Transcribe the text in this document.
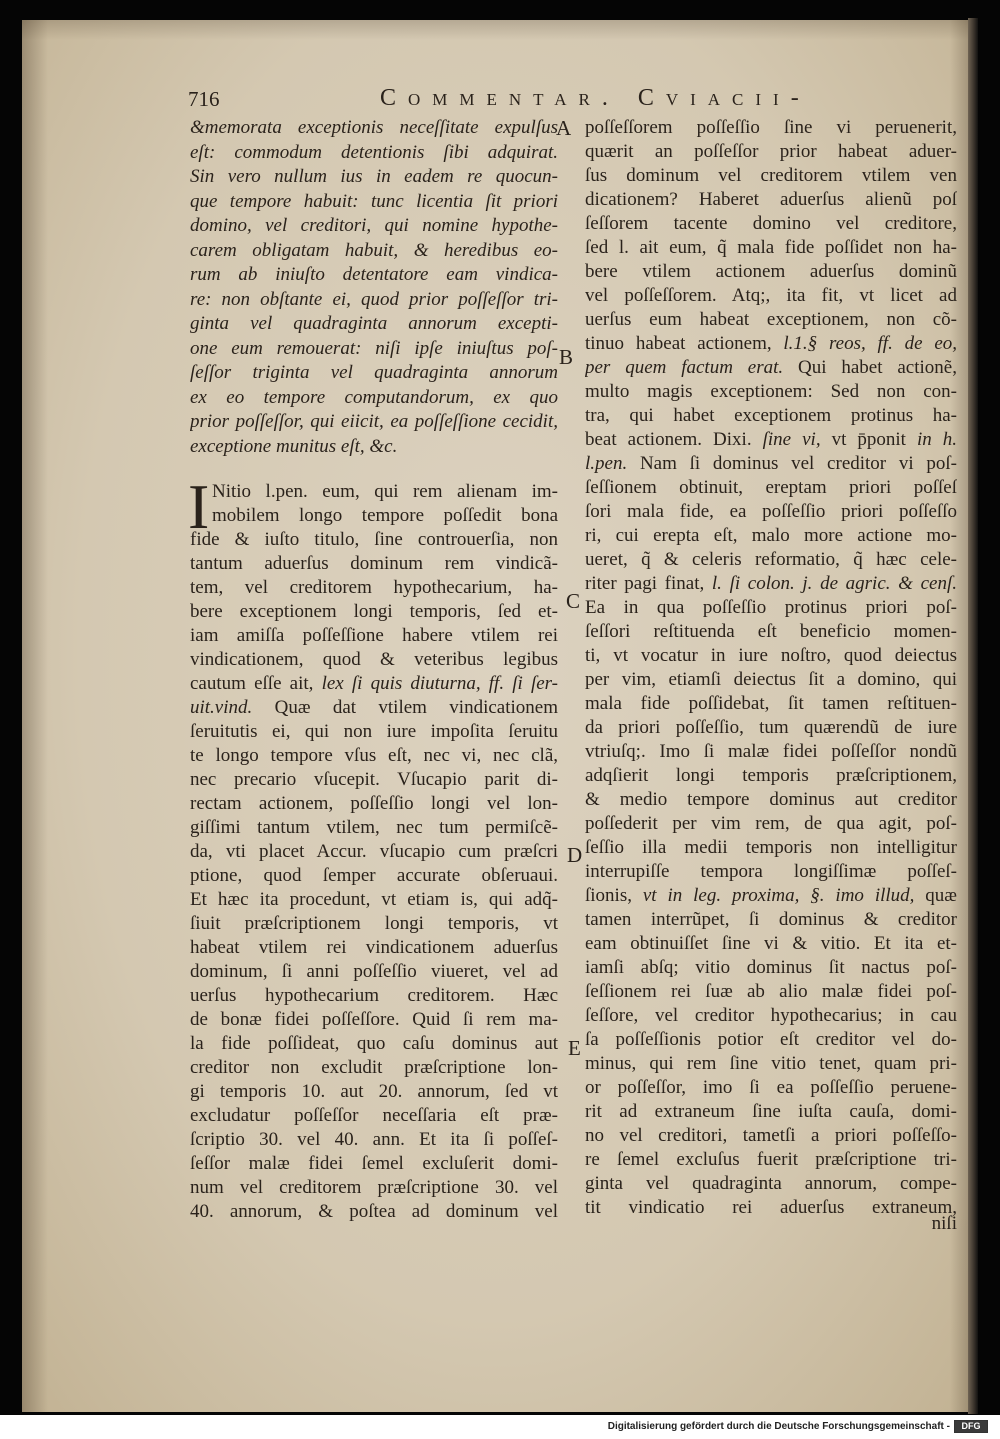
716	Commentar. Cviacii-
&memorata exceptionis neceſſitate expulſus
eſt: commodum detentionis ſibi adquirat.
Sin vero nullum ius in eadem re quocun-
que tempore habuit: tunc licentia ſit priori
domino, vel creditori, qui nomine hypothe-
carem obligatam habuit, & heredibus eo-
rum ab iniuſto detentatore eam vindica-
re: non obſtante ei, quod prior poſſeſſor tri-
ginta vel quadraginta annorum excepti-
one eum remouerat: niſi ipſe iniuſtus poſ-
ſeſſor triginta vel quadraginta annorum
ex eo tempore computandorum, ex quo
prior poſſeſſor, qui eiicit, ea poſſeſſione cecidit,
exceptione munitus eſt, &c.
I Nitio l.pen. eum, qui rem alienam im-
mobilem longo tempore poſſedit bona
fide & iuſto titulo, ſine controuerſia, non
tantum aduerſus dominum rem vindicã-
tem, vel creditorem hypothecarium, ha-
bere exceptionem longi temporis, ſed et-
iam amiſſa poſſeſſione habere vtilem rei
vindicationem, quod & veteribus legibus
cautum eſſe ait, lex ſi quis diuturna, ff. ſi ſer-
uit.vind. Quæ dat vtilem vindicationem
ſeruitutis ei, qui non iure impoſita ſeruitu
te longo tempore vſus eſt, nec vi, nec clã,
nec precario vſucepit. Vſucapio parit di-
rectam actionem, poſſeſſio longi vel lon-
giſſimi tantum vtilem, nec tum permiſcẽ-
da, vti placet Accur. vſucapio cum præſcri
ptione, quod ſemper accurate obſeruaui.
Et hæc ita procedunt, vt etiam is, qui adq̃-
ſiuit præſcriptionem longi temporis, vt
habeat vtilem rei vindicationem aduerſus
dominum, ſi anni poſſeſſio viueret, vel ad
uerſus hypothecarium creditorem. Hæc
de bonæ fidei poſſeſſore. Quid ſi rem ma-
la fide poſſideat, quo caſu dominus aut
creditor non excludit præſcriptione lon-
gi temporis 10. aut 20. annorum, ſed vt
excludatur poſſeſſor neceſſaria eſt præ-
ſcriptio 30. vel 40. ann. Et ita ſi poſſeſ-
ſeſſor malæ fidei ſemel excluſerit domi-
num vel creditorem præſcriptione 30. vel
40. annorum, & poſtea ad dominum vel
poſſeſſorem poſſeſſio ſine vi peruenerit,
quærit an poſſeſſor prior habeat aduer-
ſus dominum vel creditorem vtilem ven
dicationem? Haberet aduerſus alienũ poſ
ſeſſorem tacente domino vel creditore,
ſed l. ait eum, q̃ mala fide poſſidet non ha-
bere vtilem actionem aduerſus dominũ
vel poſſeſſorem. Atq;, ita fit, vt licet ad
uerſus eum habeat exceptionem, non cõ-
tinuo habeat actionem, l.1.§ reos, ff. de eo,
per quem factum erat. Qui habet actionẽ,
multo magis exceptionem: Sed non con-
tra, qui habet exceptionem protinus ha-
beat actionem. Dixi. ſine vi, vt p̄ponit in h.
l.pen. Nam ſi dominus vel creditor vi poſ-
ſeſſionem obtinuit, ereptam priori poſſeſ
ſori mala fide, ea poſſeſſio priori poſſeſſo
ri, cui erepta eſt, malo more actione mo-
ueret, q̃ & celeris reformatio, q̃ hæc cele-
riter pagi finat, l. ſi colon. j. de agric. & cenſ.
Ea in qua poſſeſſio protinus priori poſ-
ſeſſori reſtituenda eſt beneficio momen-
ti, vt vocatur in iure noſtro, quod deiectus
per vim, etiamſi deiectus ſit a domino, qui
mala fide poſſidebat, ſit tamen reſtituen-
da priori poſſeſſio, tum quærendũ de iure
vtriuſq;. Imo ſi malæ fidei poſſeſſor nondũ
adqſierit longi temporis præſcriptionem,
& medio tempore dominus aut creditor
poſſederit per vim rem, de qua agit, poſ-
ſeſſio illa medii temporis non intelligitur
interrupiſſe tempora longiſſimæ poſſeſ-
ſionis, vt in leg. proxima, §. imo illud, quæ
tamen interrũpet, ſi dominus & creditor
eam obtinuiſſet ſine vi & vitio. Et ita et-
iamſi abſq; vitio dominus ſit nactus poſ-
ſeſſionem rei ſuæ ab alio malæ fidei poſ-
ſeſſore, vel creditor hypothecarius; in cau
ſa poſſeſſionis potior eſt creditor vel do-
minus, qui rem ſine vitio tenet, quam pri-
or poſſeſſor, imo ſi ea poſſeſſio peruene-
rit ad extraneum ſine iuſta cauſa, domi-
no vel creditori, tametſi a priori poſſeſſo-
re ſemel excluſus fuerit præſcriptione tri-
ginta vel quadraginta annorum, compe-
tit vindicatio rei aduerſus extraneum,
niſi
A
B
C
D
E
Digitalisierung gefördert durch die Deutsche Forschungsgemeinschaft -	DFG
